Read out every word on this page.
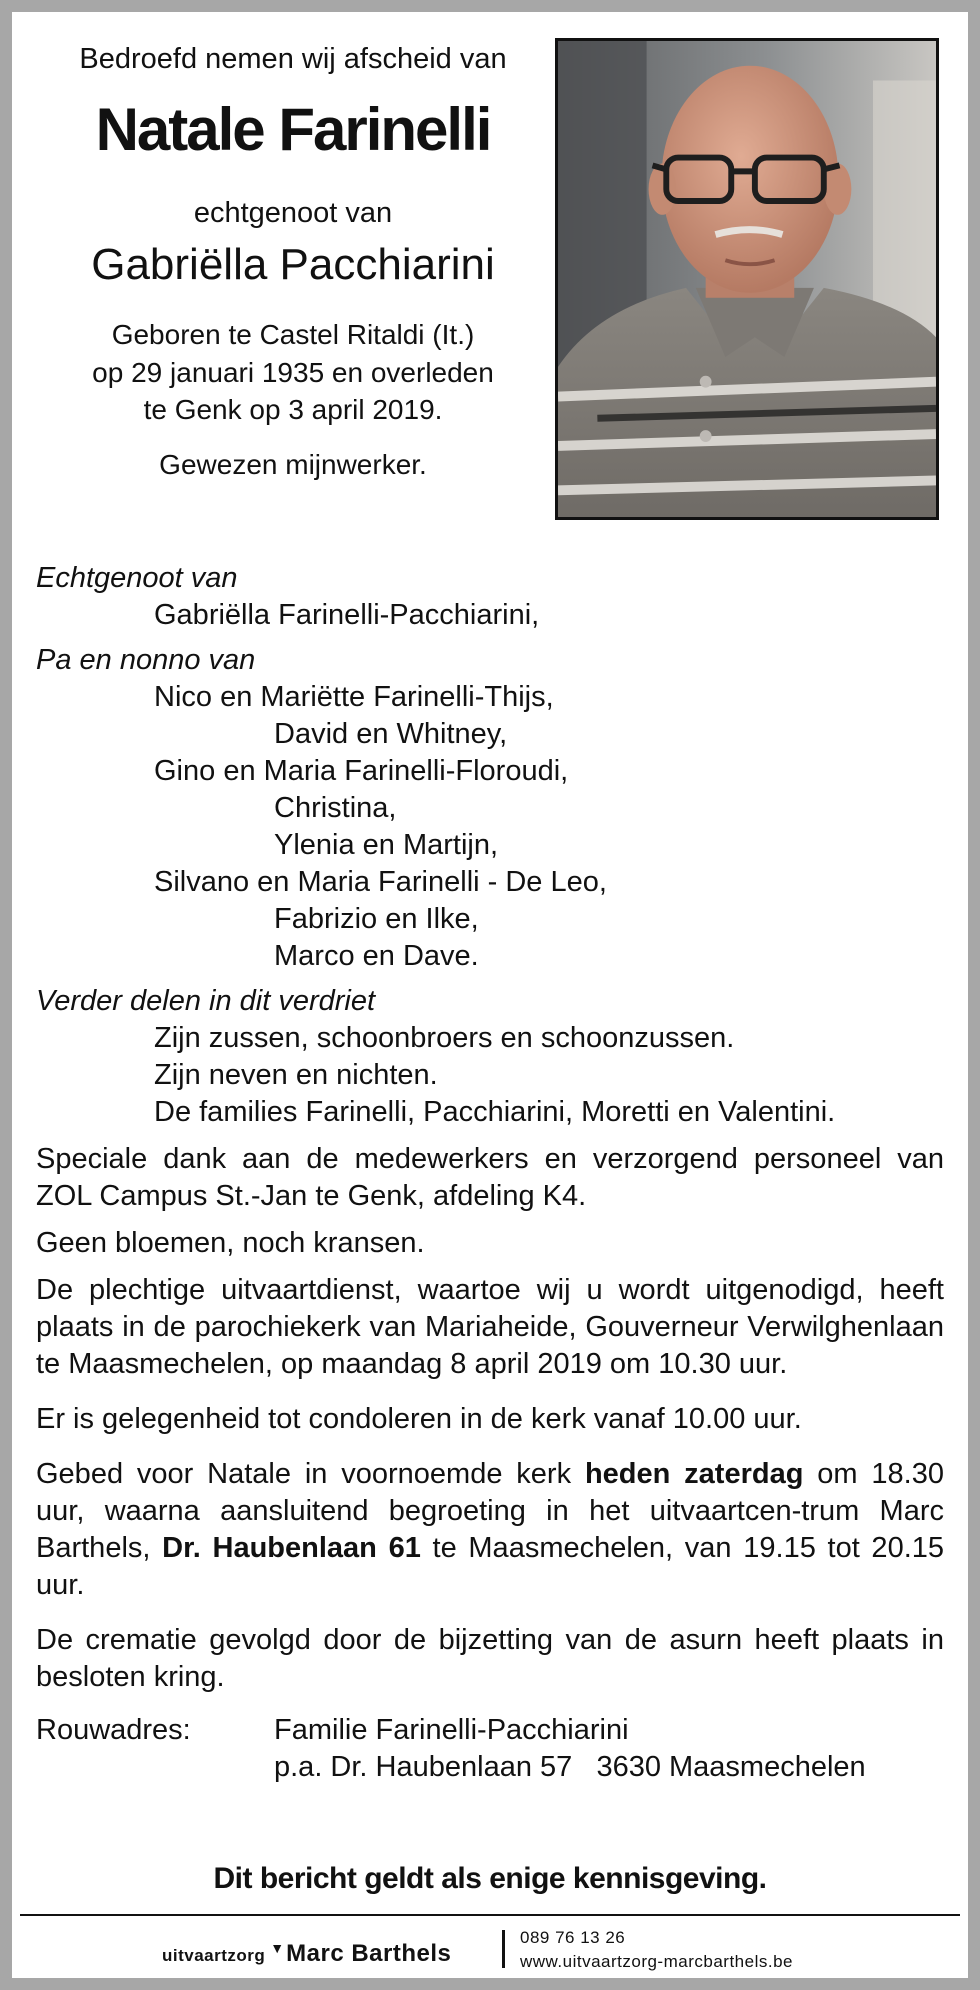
Bedroefd nemen wij afscheid van
Natale Farinelli
echtgenoot van
Gabriëlla Pacchiarini
Geboren te Castel Ritaldi (It.)
op 29 januari 1935 en overleden
te Genk op 3 april 2019.
Gewezen mijnwerker.
Echtgenoot van
Gabriëlla Farinelli-Pacchiarini,
Pa en nonno van
Nico en Mariëtte Farinelli-Thijs,
David en Whitney,
Gino en Maria Farinelli-Floroudi,
Christina,
Ylenia en Martijn,
Silvano en Maria Farinelli - De Leo,
Fabrizio en Ilke,
Marco en Dave.
Verder delen in dit verdriet
Zijn zussen, schoonbroers en schoonzussen.
Zijn neven en nichten.
De families Farinelli, Pacchiarini, Moretti en Valentini.
Speciale dank aan de medewerkers en verzorgend personeel van ZOL Campus St.-Jan te Genk, afdeling K4.
Geen bloemen, noch kransen.
De plechtige uitvaartdienst, waartoe wij u wordt uitgenodigd, heeft plaats in de parochiekerk van Mariaheide, Gouverneur Verwilghenlaan te Maasmechelen, op maandag 8 april 2019 om 10.30 uur.
Er is gelegenheid tot condoleren in de kerk vanaf 10.00 uur.
Gebed voor Natale in voornoemde kerk heden zaterdag om 18.30 uur, waarna aansluitend begroeting in het uitvaartcen-trum Marc Barthels, Dr. Haubenlaan 61 te Maasmechelen, van 19.15 tot 20.15 uur.
De crematie gevolgd door de bijzetting van de asurn heeft plaats in besloten kring.
Rouwadres:	Familie Farinelli-Pacchiarini
p.a. Dr. Haubenlaan 57   3630 Maasmechelen
Dit bericht geldt als enige kennisgeving.
uitvaartzorg ▼ Marc Barthels
089 76 13 26
www.uitvaartzorg-marcbarthels.be
